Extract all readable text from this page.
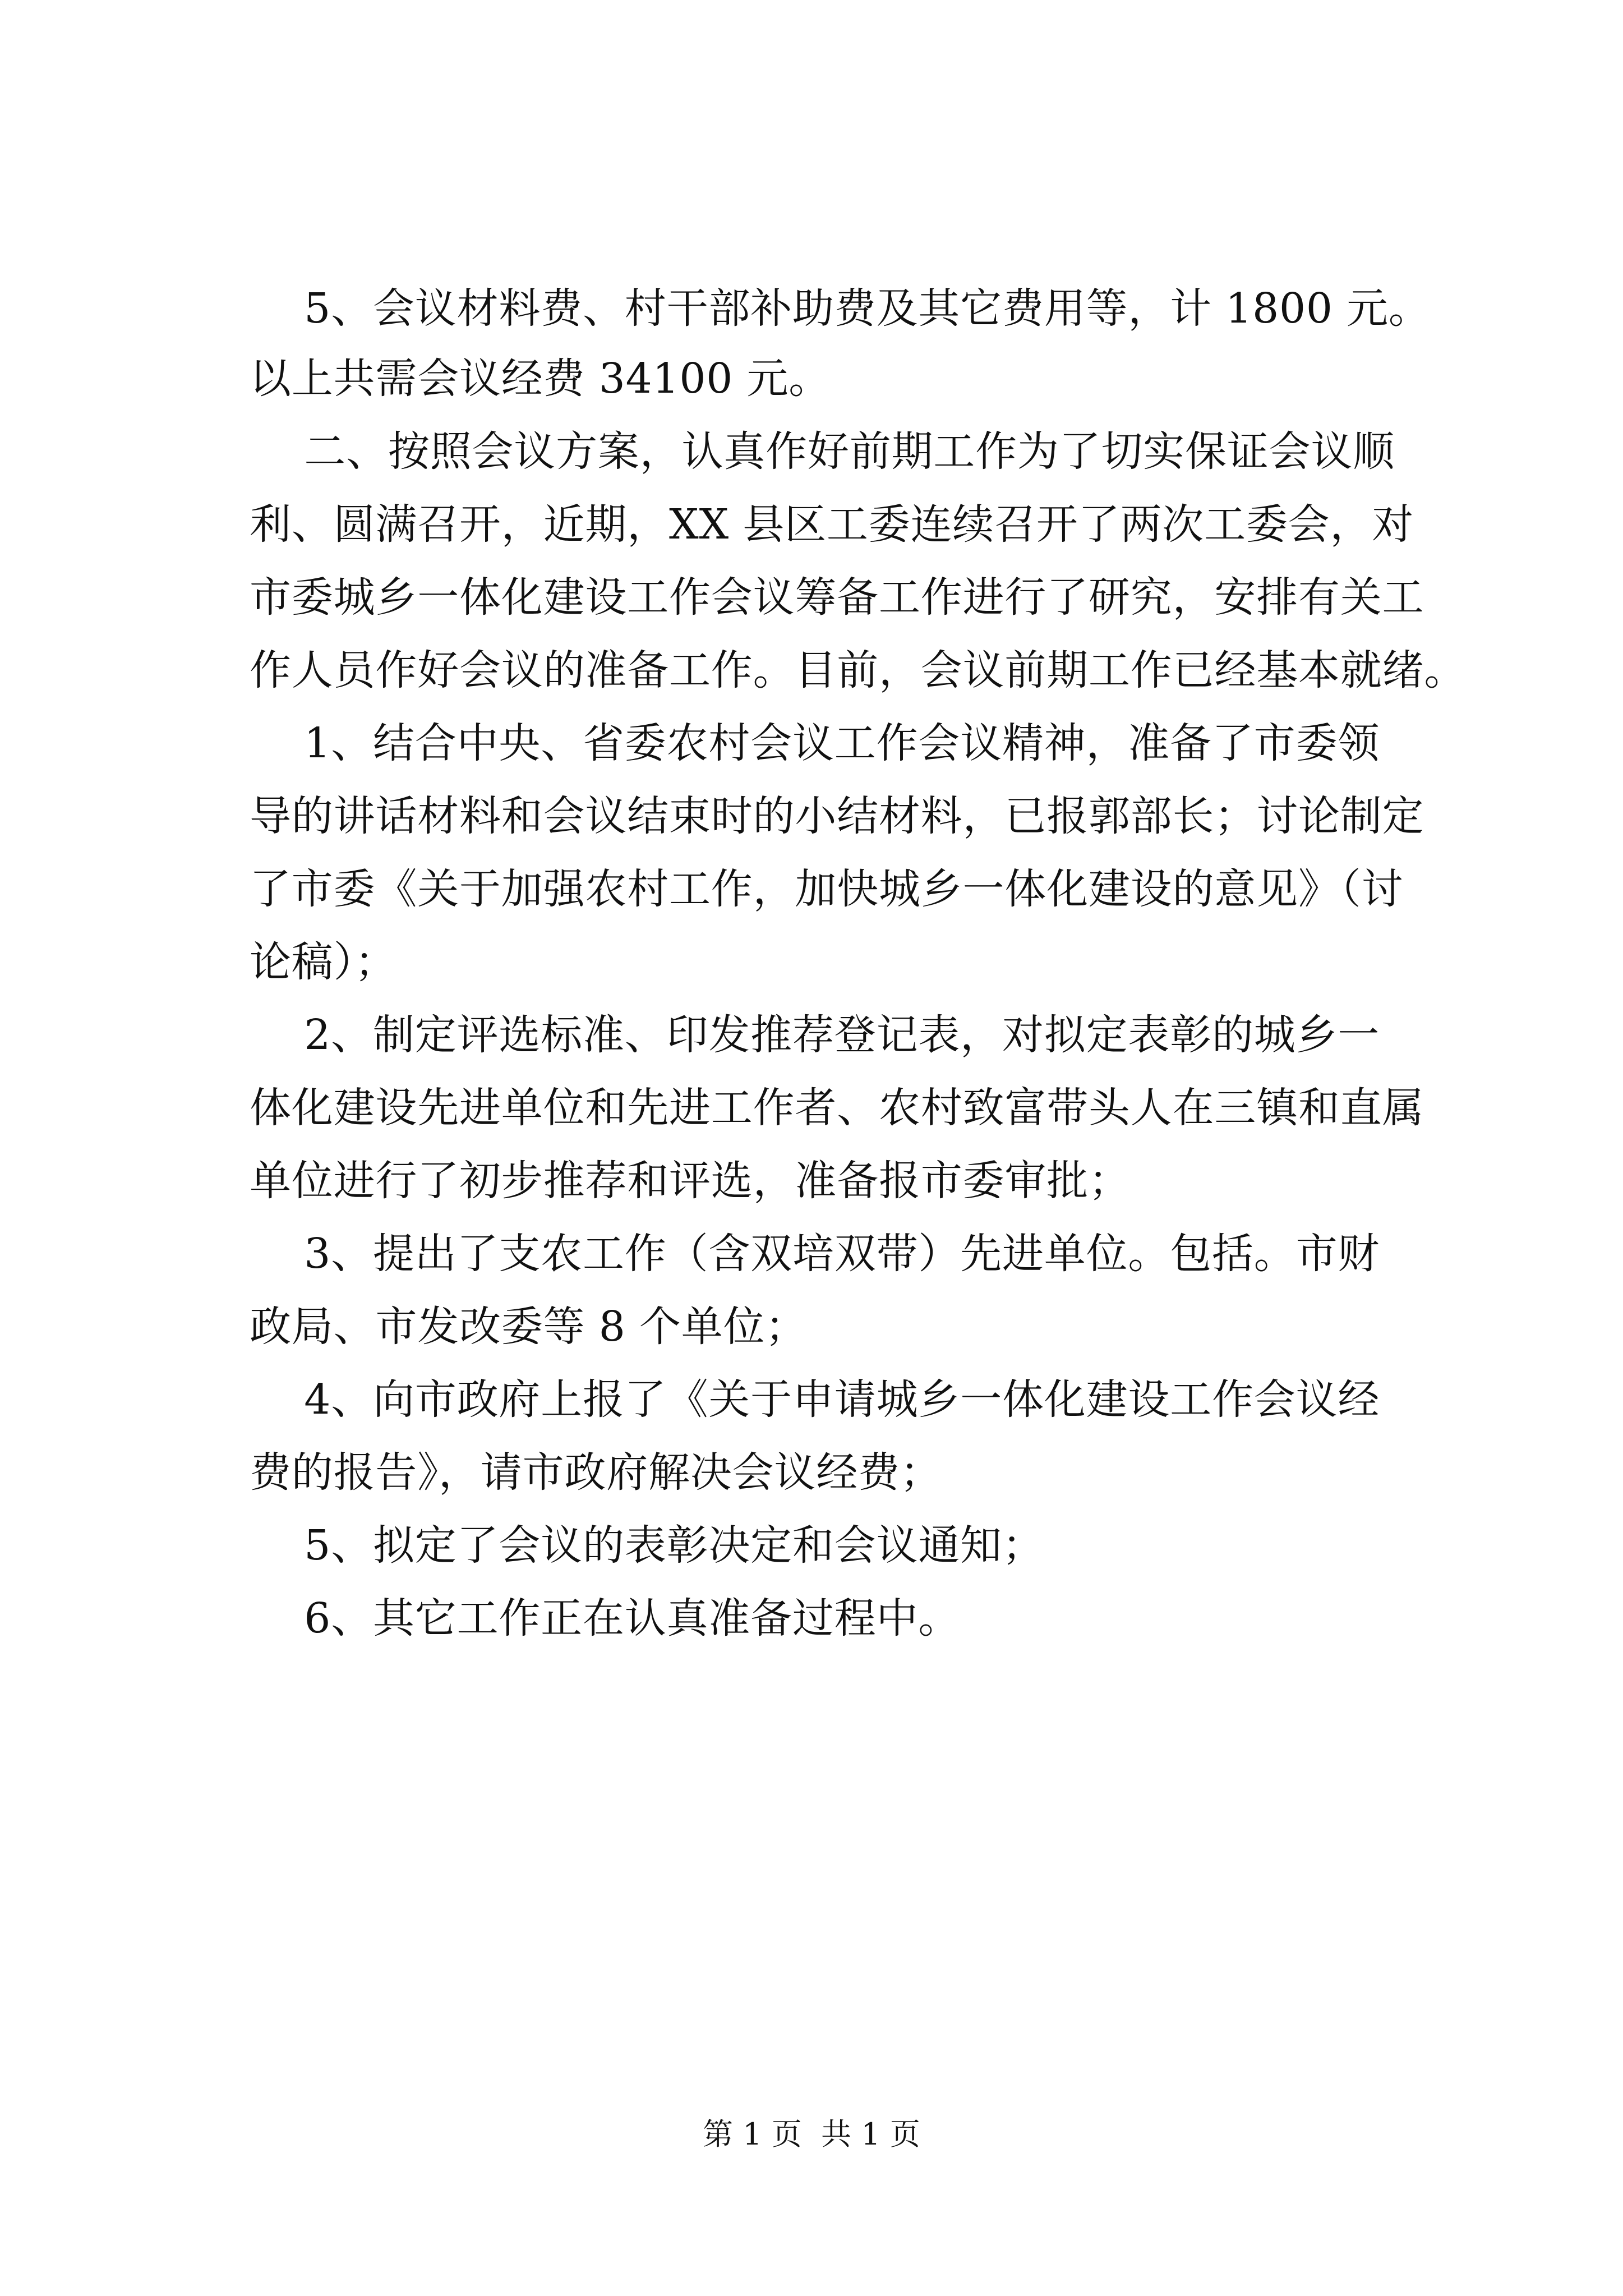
5、会议材料费、村干部补助费及其它费用等，计 1800 元。
以上共需会议经费 34100 元。
二、按照会议方案，认真作好前期工作为了切实保证会议顺
利、圆满召开，近期，XX 县区工委连续召开了两次工委会，对
市委城乡一体化建设工作会议筹备工作进行了研究，安排有关工
作人员作好会议的准备工作。目前，会议前期工作已经基本就绪。
1、结合中央、省委农村会议工作会议精神，准备了市委领
导的讲话材料和会议结束时的小结材料，已报郭部长；讨论制定
了市委《关于加强农村工作，加快城乡一体化建设的意见》（讨
论稿）；
2、制定评选标准、印发推荐登记表，对拟定表彰的城乡一
体化建设先进单位和先进工作者、农村致富带头人在三镇和直属
单位进行了初步推荐和评选，准备报市委审批；
3、提出了支农工作（含双培双带）先进单位。包括。市财
政局、市发改委等 8 个单位；
4、向市政府上报了《关于申请城乡一体化建设工作会议经
费的报告》，请市政府解决会议经费；
5、拟定了会议的表彰决定和会议通知；
6、其它工作正在认真准备过程中。
第 1 页  共 1 页
